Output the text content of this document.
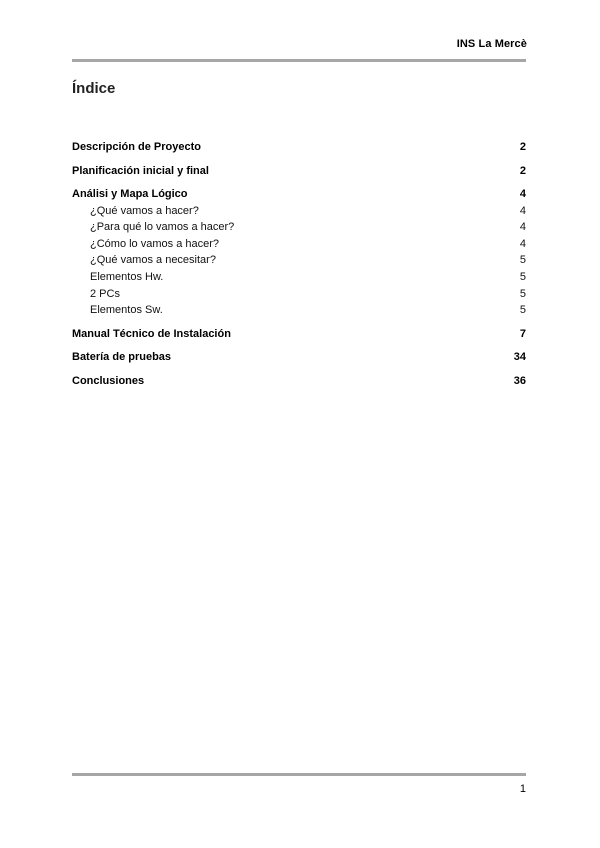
INS La Mercè
Índice
Descripción de Proyecto	2
Planificación inicial y final	2
Análisi y Mapa Lógico	4
¿Qué vamos a hacer?	4
¿Para qué lo vamos a hacer?	4
¿Cómo lo vamos a hacer?	4
¿Qué vamos a necesitar?	5
Elementos Hw.	5
2 PCs	5
Elementos Sw.	5
Manual Técnico de Instalación	7
Batería de pruebas	34
Conclusiones	36
1
